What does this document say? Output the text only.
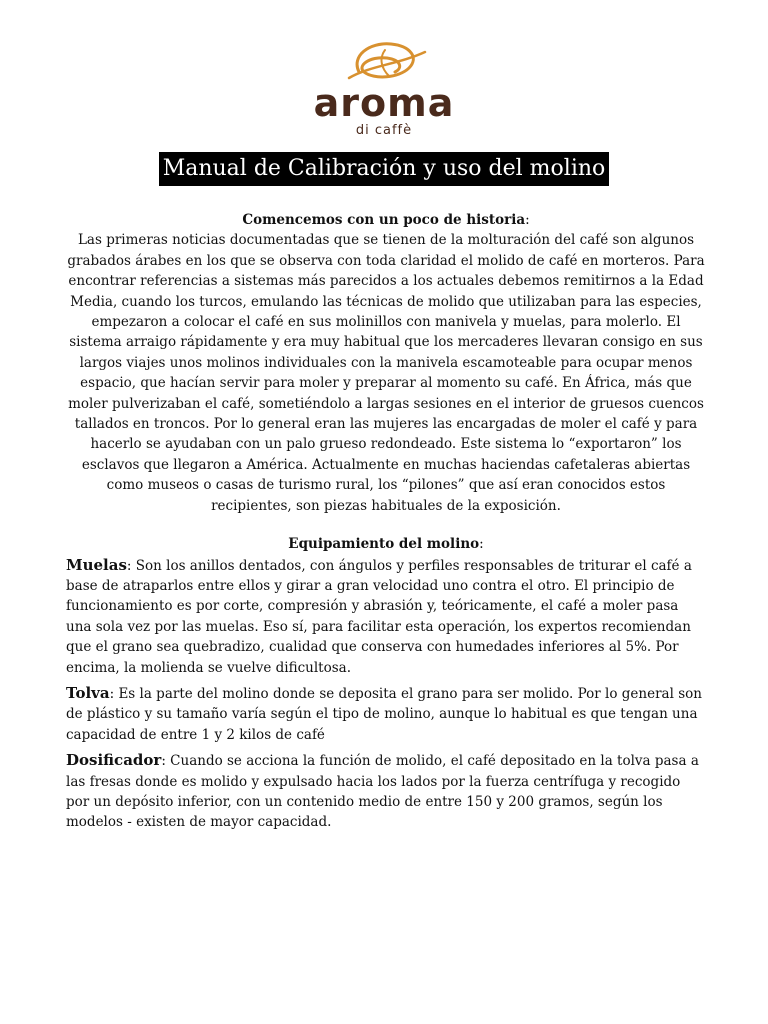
aroma
di caffè
Manual de Calibración y uso del molino

Comencemos con un poco de historia:

Las primeras noticias documentadas que se tienen de la molturación del café son algunos grabados árabes en los que se observa con toda claridad el molido de café en morteros. Para encontrar referencias a sistemas más parecidos a los actuales debemos remitirnos a la Edad Media, cuando los turcos, emulando las técnicas de molido que utilizaban para las especies, empezaron a colocar el café en sus molinillos con manivela y muelas, para molerlo. El sistema arraigo rápidamente y era muy habitual que los mercaderes llevaran consigo en sus largos viajes unos molinos individuales con la manivela escamoteable para ocupar menos espacio, que hacían servir para moler y preparar al momento su café. En África, más que moler pulverizaban el café, sometiéndolo a largas sesiones en el interior de gruesos cuencos tallados en troncos. Por lo general eran las mujeres las encargadas de moler el café y para hacerlo se ayudaban con un palo grueso redondeado. Este sistema lo “exportaron” los esclavos que llegaron a América. Actualmente en muchas haciendas cafetaleras abiertas como museos o casas de turismo rural, los “pilones” que así eran conocidos estos recipientes, son piezas habituales de la exposición.

Equipamiento del molino:

Muelas: Son los anillos dentados, con ángulos y perfiles responsables de triturar el café a base de atraparlos entre ellos y girar a gran velocidad uno contra el otro. El principio de funcionamiento es por corte, compresión y abrasión y, teóricamente, el café a moler pasa una sola vez por las muelas. Eso sí, para facilitar esta operación, los expertos recomiendan que el grano sea quebradizo, cualidad que conserva con humedades inferiores al 5%. Por encima, la molienda se vuelve dificultosa.

Tolva: Es la parte del molino donde se deposita el grano para ser molido. Por lo general son de plástico y su tamaño varía según el tipo de molino, aunque lo habitual es que tengan una capacidad de entre 1 y 2 kilos de café

Dosificador: Cuando se acciona la función de molido, el café depositado en la tolva pasa a las fresas donde es molido y expulsado hacia los lados por la fuerza centrífuga y recogido por un depósito inferior, con un contenido medio de entre 150 y 200 gramos, según los modelos - existen de mayor capacidad.
